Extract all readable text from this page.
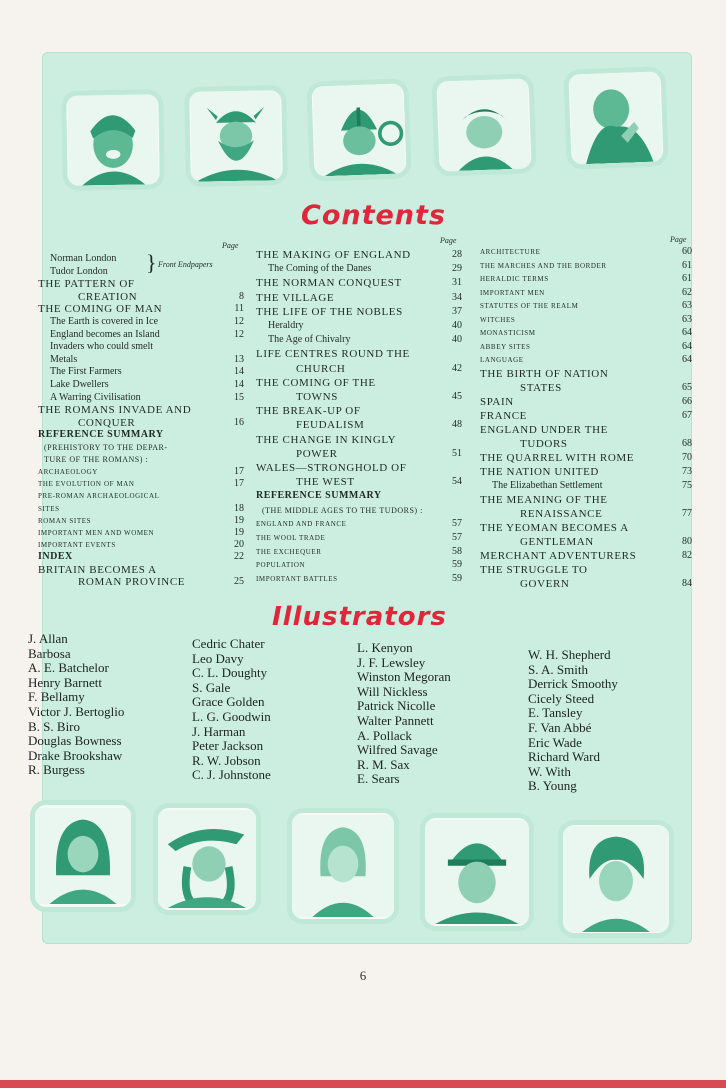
Contents
Illustrators
Page
Page	Page
} Front Endpapers
Norman London
Tudor London
THE PATTERN OF
CREATION	8
THE COMING OF MAN	11
The Earth is covered in Ice	12
England becomes an Island	12
Invaders who could smelt
Metals	13
The First Farmers	14
Lake Dwellers	14
A Warring Civilisation	15
THE ROMANS INVADE AND
CONQUER	16
REFERENCE SUMMARY
(PREHISTORY TO THE DEPAR-
TURE OF THE ROMANS) :
ARCHAEOLOGY	17
THE EVOLUTION OF MAN	17
PRE-ROMAN ARCHAEOLOGICAL
SITES	18
ROMAN SITES	19
IMPORTANT MEN AND WOMEN	19
IMPORTANT EVENTS	20
INDEX	22
BRITAIN BECOMES A
ROMAN PROVINCE	25
THE MAKING OF ENGLAND	28
The Coming of the Danes	29
THE NORMAN CONQUEST	31
THE VILLAGE	34
THE LIFE OF THE NOBLES	37
Heraldry	40
The Age of Chivalry	40
LIFE CENTRES ROUND THE
CHURCH	42
THE COMING OF THE
TOWNS	45
THE BREAK-UP OF
FEUDALISM	48
THE CHANGE IN KINGLY
POWER	51
WALES—STRONGHOLD OF
THE WEST	54
REFERENCE SUMMARY
(THE MIDDLE AGES TO THE TUDORS) :
ENGLAND AND FRANCE	57
THE WOOL TRADE	57
THE EXCHEQUER	58
POPULATION	59
IMPORTANT BATTLES	59
ARCHITECTURE	60
THE MARCHES AND THE BORDER	61
HERALDIC TERMS	61
IMPORTANT MEN	62
STATUTES OF THE REALM	63
WITCHES	63
MONASTICISM	64
ABBEY SITES	64
LANGUAGE	64
THE BIRTH OF NATION
STATES	65
SPAIN	66
FRANCE	67
ENGLAND UNDER THE
TUDORS	68
THE QUARREL WITH ROME	70
THE NATION UNITED	73
The Elizabethan Settlement	75
THE MEANING OF THE
RENAISSANCE	77
THE YEOMAN BECOMES A
GENTLEMAN	80
MERCHANT ADVENTURERS	82
THE STRUGGLE TO
GOVERN	84
J. Allan
Barbosa
A. E. Batchelor
Henry Barnett
F. Bellamy
Victor J. Bertoglio
B. S. Biro
Douglas Bowness
Drake Brookshaw
R. Burgess
Cedric Chater
Leo Davy
C. L. Doughty
S. Gale
Grace Golden
L. G. Goodwin
J. Harman
Peter Jackson
R. W. Jobson
C. J. Johnstone
L. Kenyon
J. F. Lewsley
Winston Megoran
Will Nickless
Patrick Nicolle
Walter Pannett
A. Pollack
Wilfred Savage
R. M. Sax
E. Sears
W. H. Shepherd
S. A. Smith
Derrick Smoothy
Cicely Steed
E. Tansley
F. Van Abbé
Eric Wade
Richard Ward
W. With
B. Young
6
